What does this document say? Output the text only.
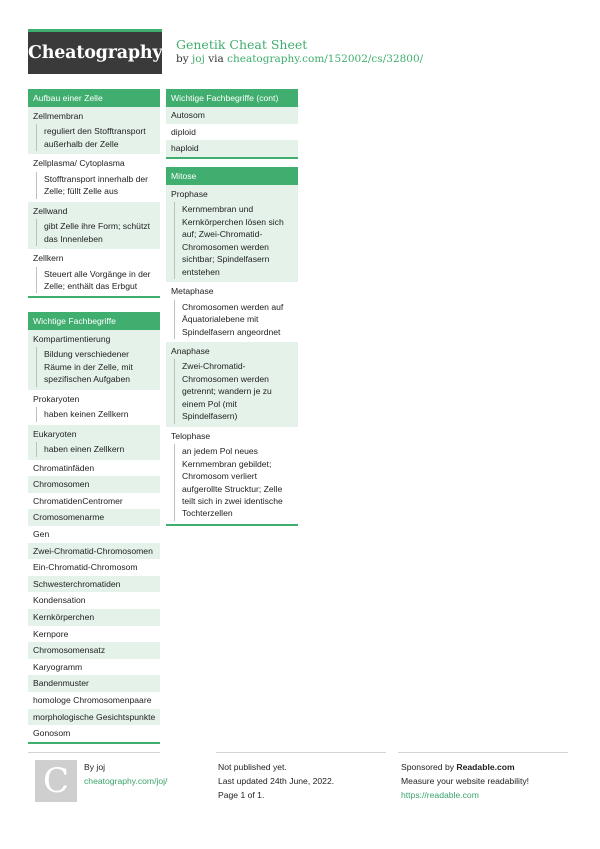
Cheatography Genetik Cheat Sheet
by joj via cheatography.com/152002/cs/32800/
Aufbau einer Zelle
Zellmembran
reguliert den Stofftransport außerhalb der Zelle
Zellplasma/ Cytoplasma
Stofftransport innerhalb der Zelle; füllt Zelle aus
Zellwand
gibt Zelle ihre Form; schützt das Innenleben
Zellkern
Steuert alle Vorgänge in der Zelle; enthält das Erbgut
Wichtige Fachbegriffe
Kompartimentierung
Bildung verschiedener Räume in der Zelle, mit spezifischen Aufgaben
Prokaryoten
haben keinen Zellkern
Eukaryoten
haben einen Zellkern
Chromatinfäden
Chromosomen
ChromatidenCentromer
Cromosomenarme
Gen
Zwei-Chromatid-Chromosomen
Ein-Chromatid-Chromosom
Schwesterchromatiden
Kondensation
Kernkörperchen
Kernpore
Chromosomensatz
Karyogramm
Bandenmuster
homologe Chromosomenpaare
morphologische Gesichtspunkte
Gonosom
Wichtige Fachbegriffe (cont)
Autosom
diploid
haploid
Mitose
Prophase
Kernmembran und Kernkörperchen lösen sich auf; Zwei-Chromatid-Chromosomen werden sichtbar; Spindelfasern entstehen
Metaphase
Chromosomen werden auf Äquatorialebene mit Spindelfasern angeordnet
Anaphase
Zwei-Chromatid-Chromosomen werden getrennt; wandern je zu einem Pol (mit Spindelfasern)
Telophase
an jedem Pol neues Kernmembran gebildet; Chromosom verliert aufgerollte Strucktur; Zelle teilt sich in zwei identische Tochterzellen
C By joj
cheatography.com/joj/
Not published yet.
Last updated 24th June, 2022.
Page 1 of 1.
Sponsored by Readable.com
Measure your website readability!
https://readable.com
